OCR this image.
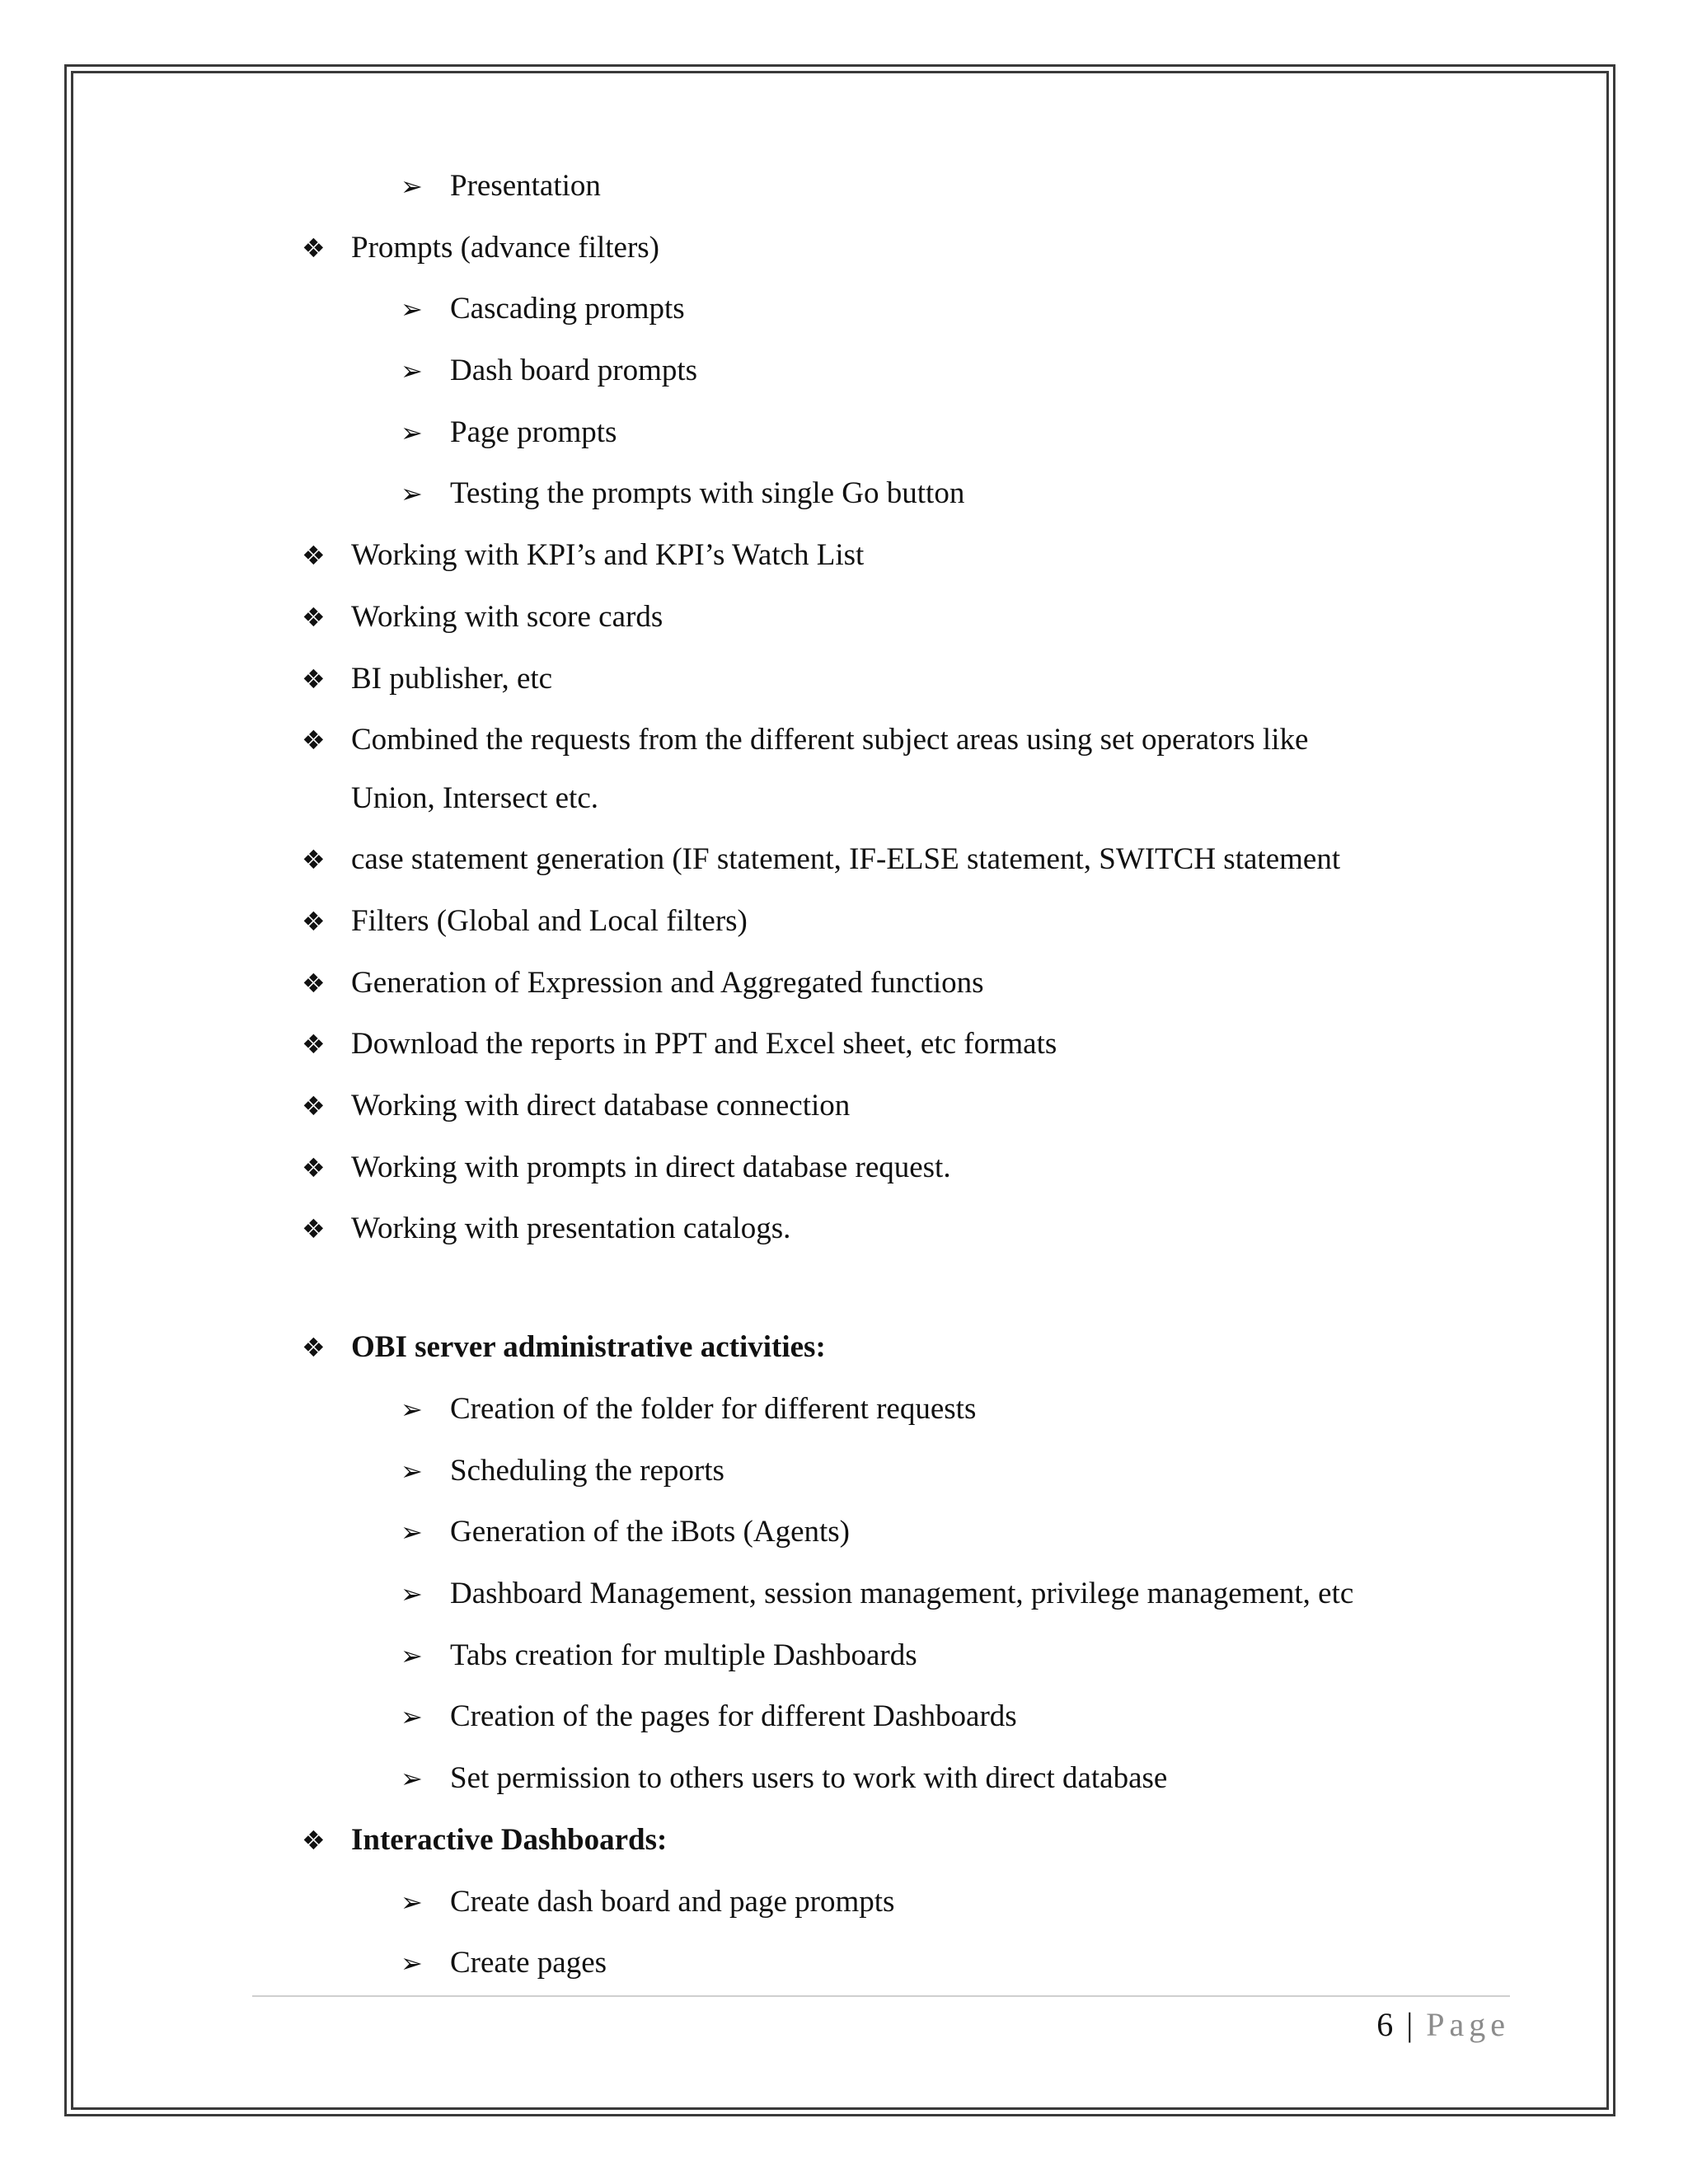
➢ Presentation
❖ Prompts (advance filters)
➢ Cascading prompts
➢ Dash board prompts
➢ Page prompts
➢ Testing the prompts with single Go button
❖ Working with KPI’s and KPI’s Watch List
❖ Working with score cards
❖ BI publisher, etc
❖ Combined the requests from the different subject areas using set operators like
Union, Intersect etc.
❖ case statement generation (IF statement, IF-ELSE statement, SWITCH statement
❖ Filters (Global and Local filters)
❖ Generation of Expression and Aggregated functions
❖ Download the reports in PPT and Excel sheet, etc formats
❖ Working with direct database connection
❖ Working with prompts in direct database request.
❖ Working with presentation catalogs.
❖ OBI server administrative activities:
➢ Creation of the folder for different requests
➢ Scheduling the reports
➢ Generation of the iBots (Agents)
➢ Dashboard Management, session management, privilege management, etc
➢ Tabs creation for multiple Dashboards
➢ Creation of the pages for different Dashboards
➢ Set permission to others users to work with direct database
❖ Interactive Dashboards:
➢ Create dash board and page prompts
➢ Create pages
6 | Page
